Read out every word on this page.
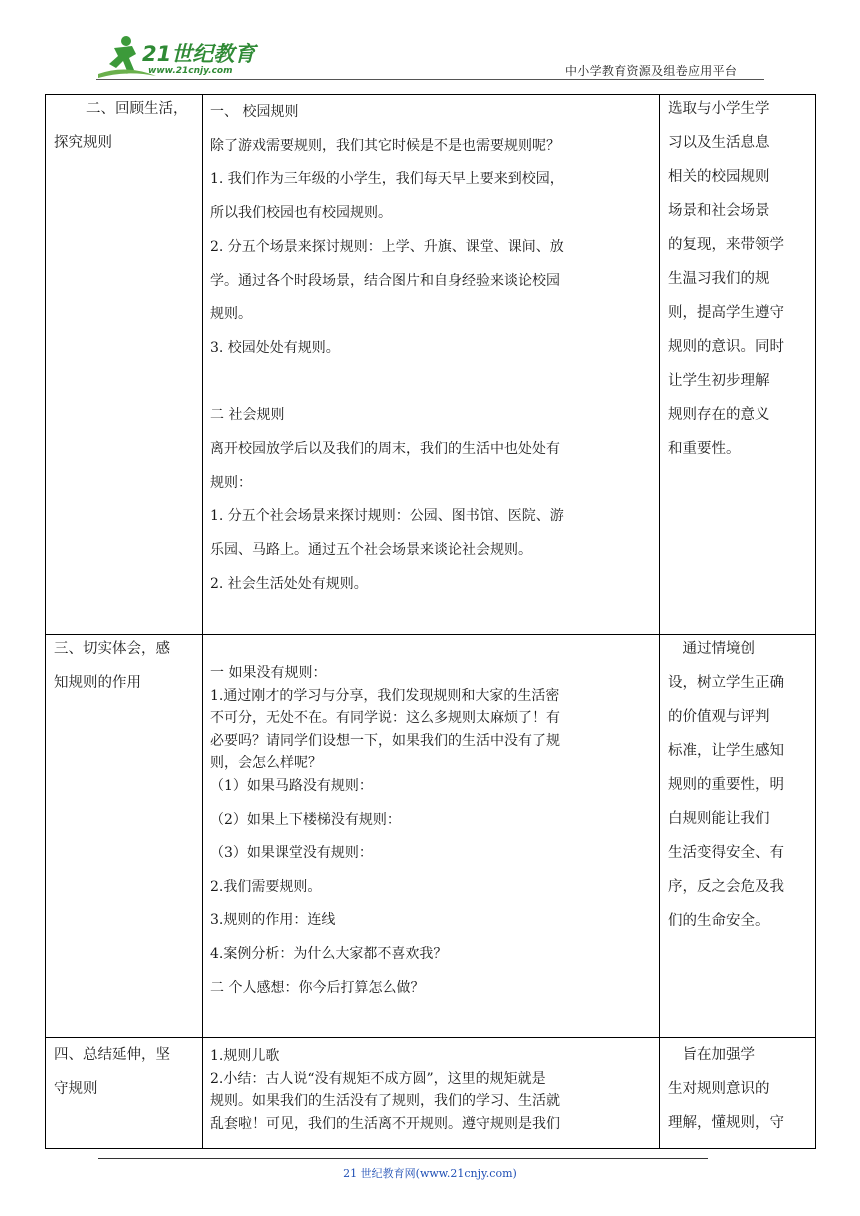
21世纪教育
www.21cnjy.com	中小学教育资源及组卷应用平台
二、回顾生活，
探究规则

一、 校园规则

除了游戏需要规则，我们其它时候是不是也需要规则呢？

1. 我们作为三年级的小学生，我们每天早上要来到校园，

所以我们校园也有校园规则。

2. 分五个场景来探讨规则：上学、升旗、课堂、课间、放

学。通过各个时段场景，结合图片和自身经验来谈论校园

规则。

3. 校园处处有规则。

二 社会规则

离开校园放学后以及我们的周末，我们的生活中也处处有

规则：

1. 分五个社会场景来探讨规则：公园、图书馆、医院、游

乐园、马路上。通过五个社会场景来谈论社会规则。

2. 社会生活处处有规则。

选取与小学生学
习以及生活息息
相关的校园规则
场景和社会场景
的复现，来带领学
生温习我们的规
则，提高学生遵守
规则的意识。同时
让学生初步理解
规则存在的意义
和重要性。
三、切实体会，感
知规则的作用

一 如果没有规则：

1.通过刚才的学习与分享，我们发现规则和大家的生活密

不可分，无处不在。有同学说：这么多规则太麻烦了！有

必要吗？请同学们设想一下，如果我们的生活中没有了规

则，会怎么样呢？

（1）如果马路没有规则：

（2）如果上下楼梯没有规则：

（3）如果课堂没有规则：

2.我们需要规则。

3.规则的作用：连线

4.案例分析：为什么大家都不喜欢我？

二 个人感想：你今后打算怎么做？

　通过情境创
设，树立学生正确
的价值观与评判
标准，让学生感知
规则的重要性，明
白规则能让我们
生活变得安全、有
序，反之会危及我
们的生命安全。
四、总结延伸，坚
守规则

1.规则儿歌

2.小结：古人说“没有规矩不成方圆”，这里的规矩就是

规则。如果我们的生活没有了规则，我们的学习、生活就

乱套啦！可见，我们的生活离不开规则。遵守规则是我们

　旨在加强学
生对规则意识的
理解，懂规则，守
21 世纪教育网(www.21cnjy.com)
